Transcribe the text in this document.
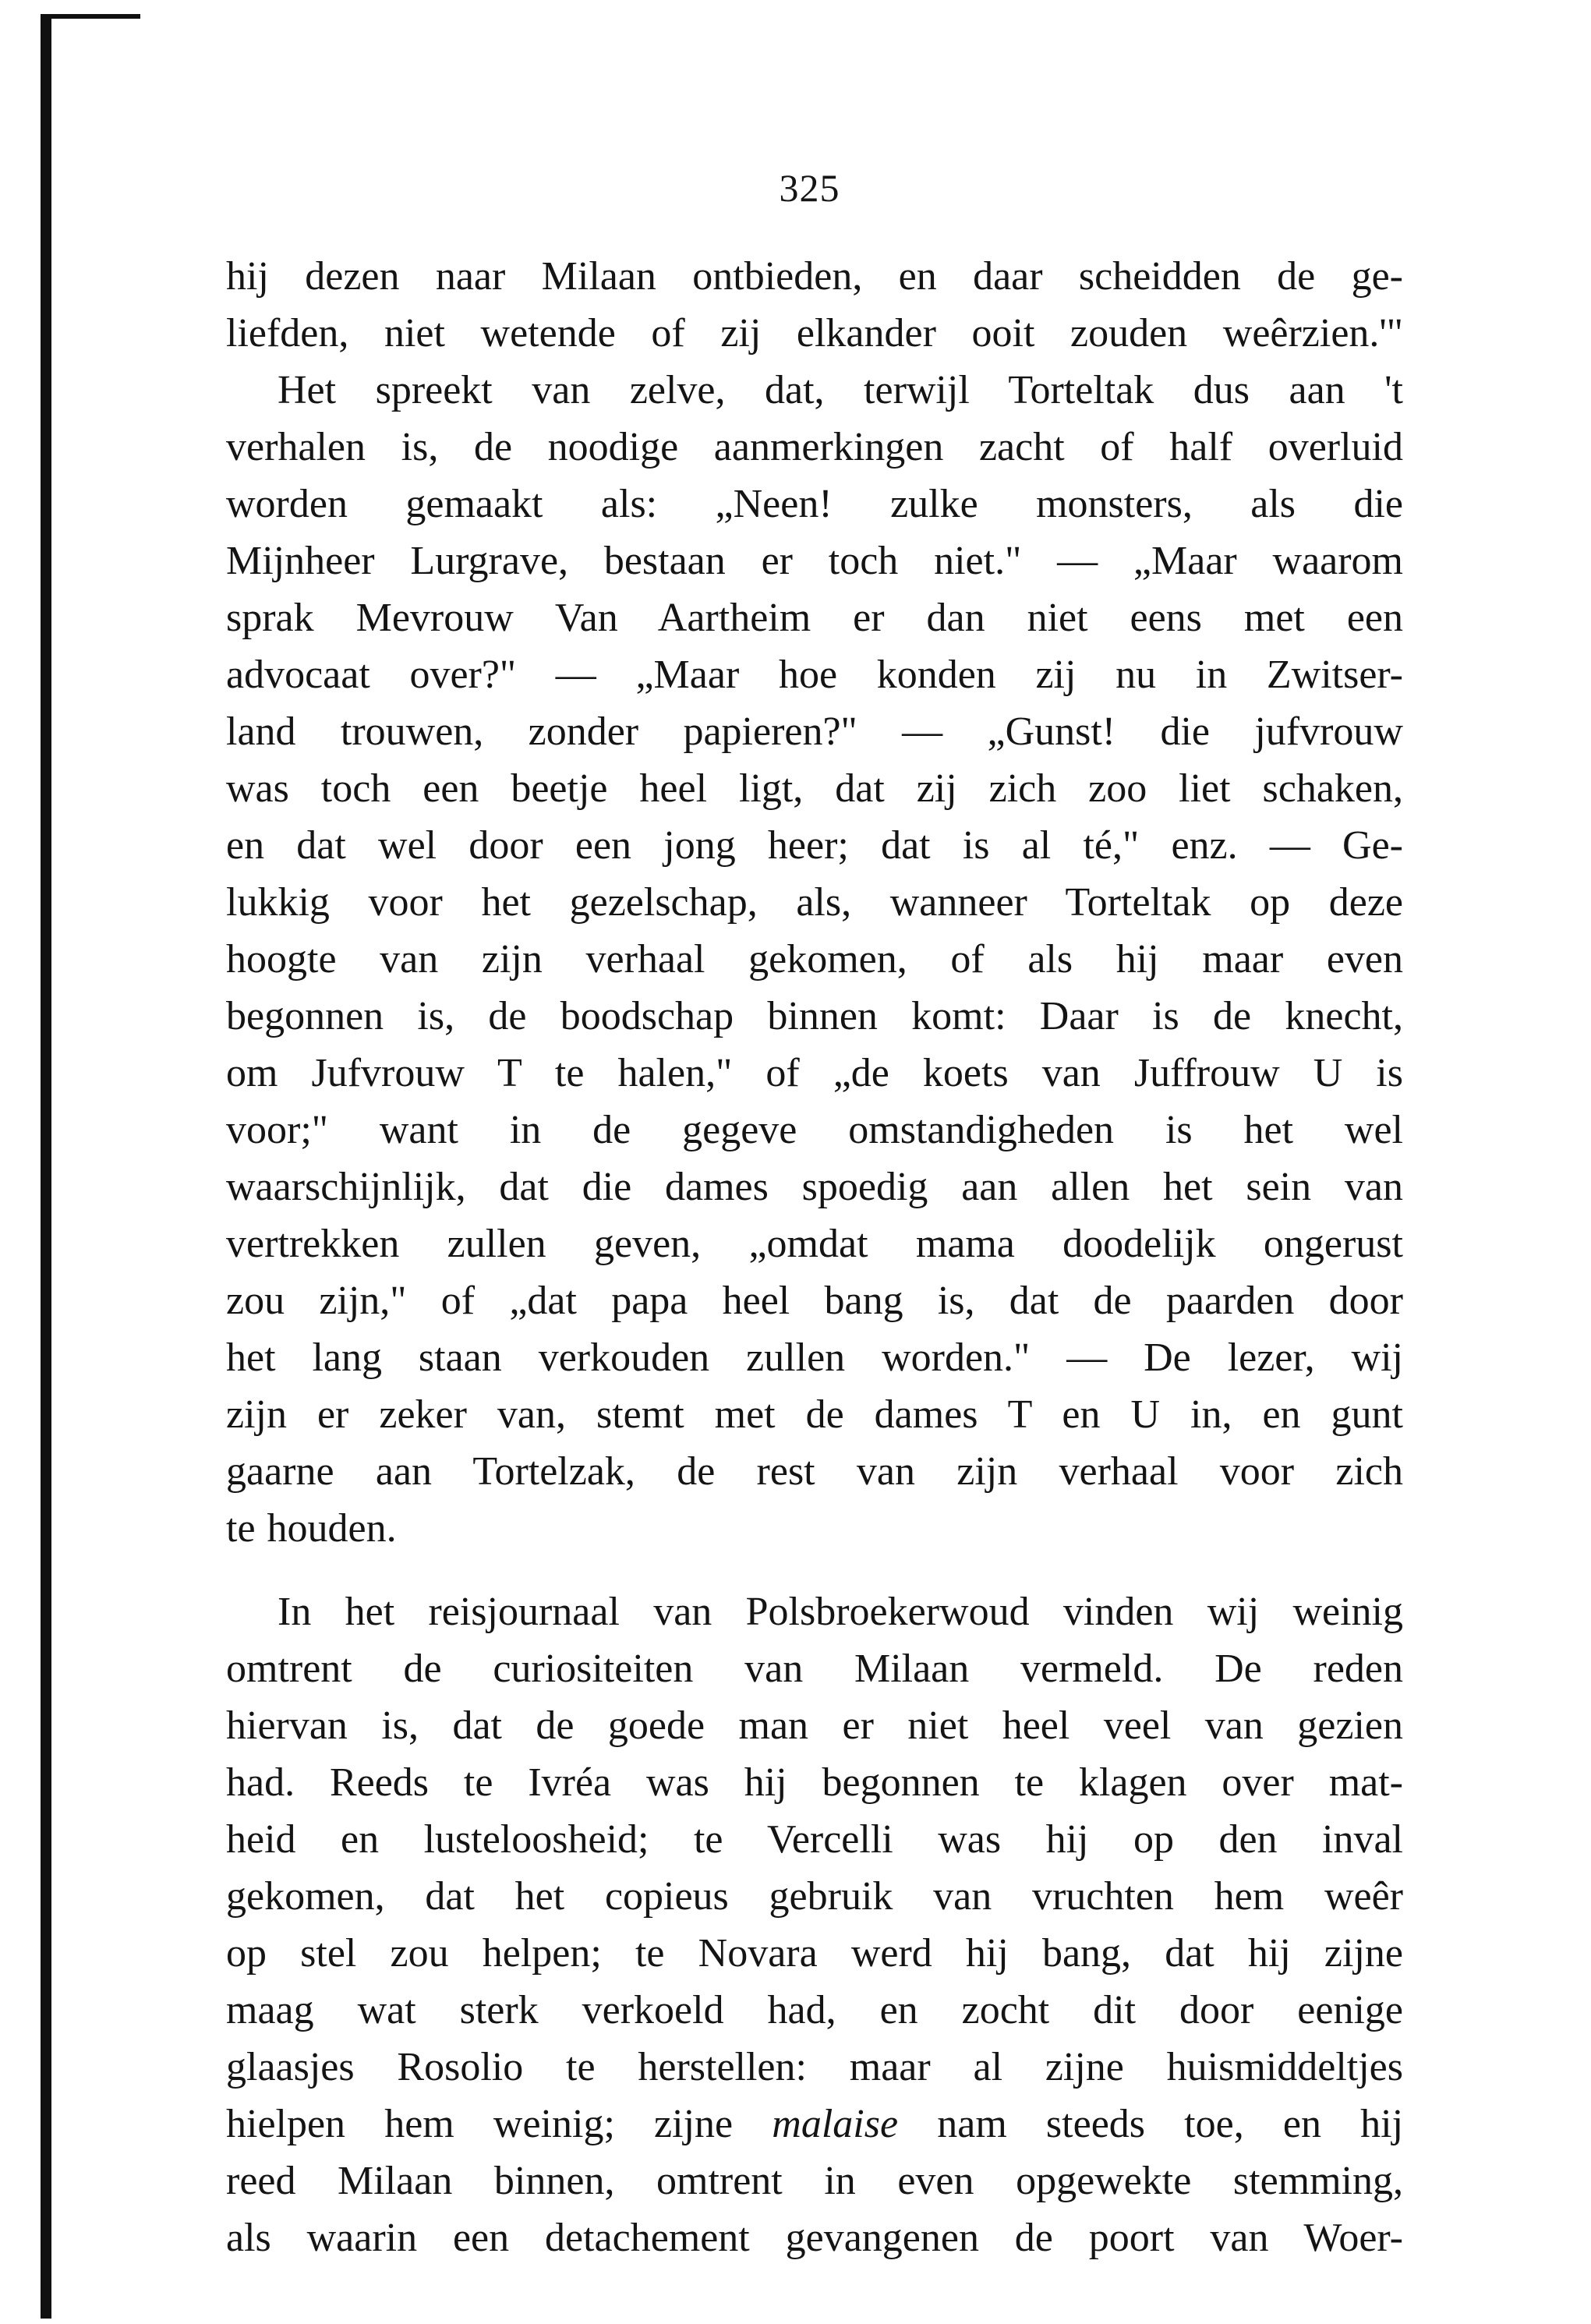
325
hij dezen naar Milaan ontbieden, en daar scheidden de ge-
liefden, niet wetende of zij elkander ooit zouden weêrzien.'"
Het spreekt van zelve, dat, terwijl Torteltak dus aan 't
verhalen is, de noodige aanmerkingen zacht of half overluid
worden gemaakt als: „Neen! zulke monsters, als die
Mijnheer Lurgrave, bestaan er toch niet." — „Maar waarom
sprak Mevrouw Van Aartheim er dan niet eens met een
advocaat over?" — „Maar hoe konden zij nu in Zwitser-
land trouwen, zonder papieren?" — „Gunst! die jufvrouw
was toch een beetje heel ligt, dat zij zich zoo liet schaken,
en dat wel door een jong heer; dat is al té," enz. — Ge-
lukkig voor het gezelschap, als, wanneer Torteltak op deze
hoogte van zijn verhaal gekomen, of als hij maar even
begonnen is, de boodschap binnen komt: Daar is de knecht,
om Jufvrouw T te halen," of „de koets van Juffrouw U is
voor;" want in de gegeve omstandigheden is het wel
waarschijnlijk, dat die dames spoedig aan allen het sein van
vertrekken zullen geven, „omdat mama doodelijk ongerust
zou zijn," of „dat papa heel bang is, dat de paarden door
het lang staan verkouden zullen worden." — De lezer, wij
zijn er zeker van, stemt met de dames T en U in, en gunt
gaarne aan Tortelzak, de rest van zijn verhaal voor zich
te houden.
In het reisjournaal van Polsbroekerwoud vinden wij weinig
omtrent de curiositeiten van Milaan vermeld. De reden
hiervan is, dat de goede man er niet heel veel van gezien
had. Reeds te Ivréa was hij begonnen te klagen over mat-
heid en lusteloosheid; te Vercelli was hij op den inval
gekomen, dat het copieus gebruik van vruchten hem weêr
op stel zou helpen; te Novara werd hij bang, dat hij zijne
maag wat sterk verkoeld had, en zocht dit door eenige
glaasjes Rosolio te herstellen: maar al zijne huismiddeltjes
hielpen hem weinig; zijne malaise nam steeds toe, en hij
reed Milaan binnen, omtrent in even opgewekte stemming,
als waarin een detachement gevangenen de poort van Woer-
